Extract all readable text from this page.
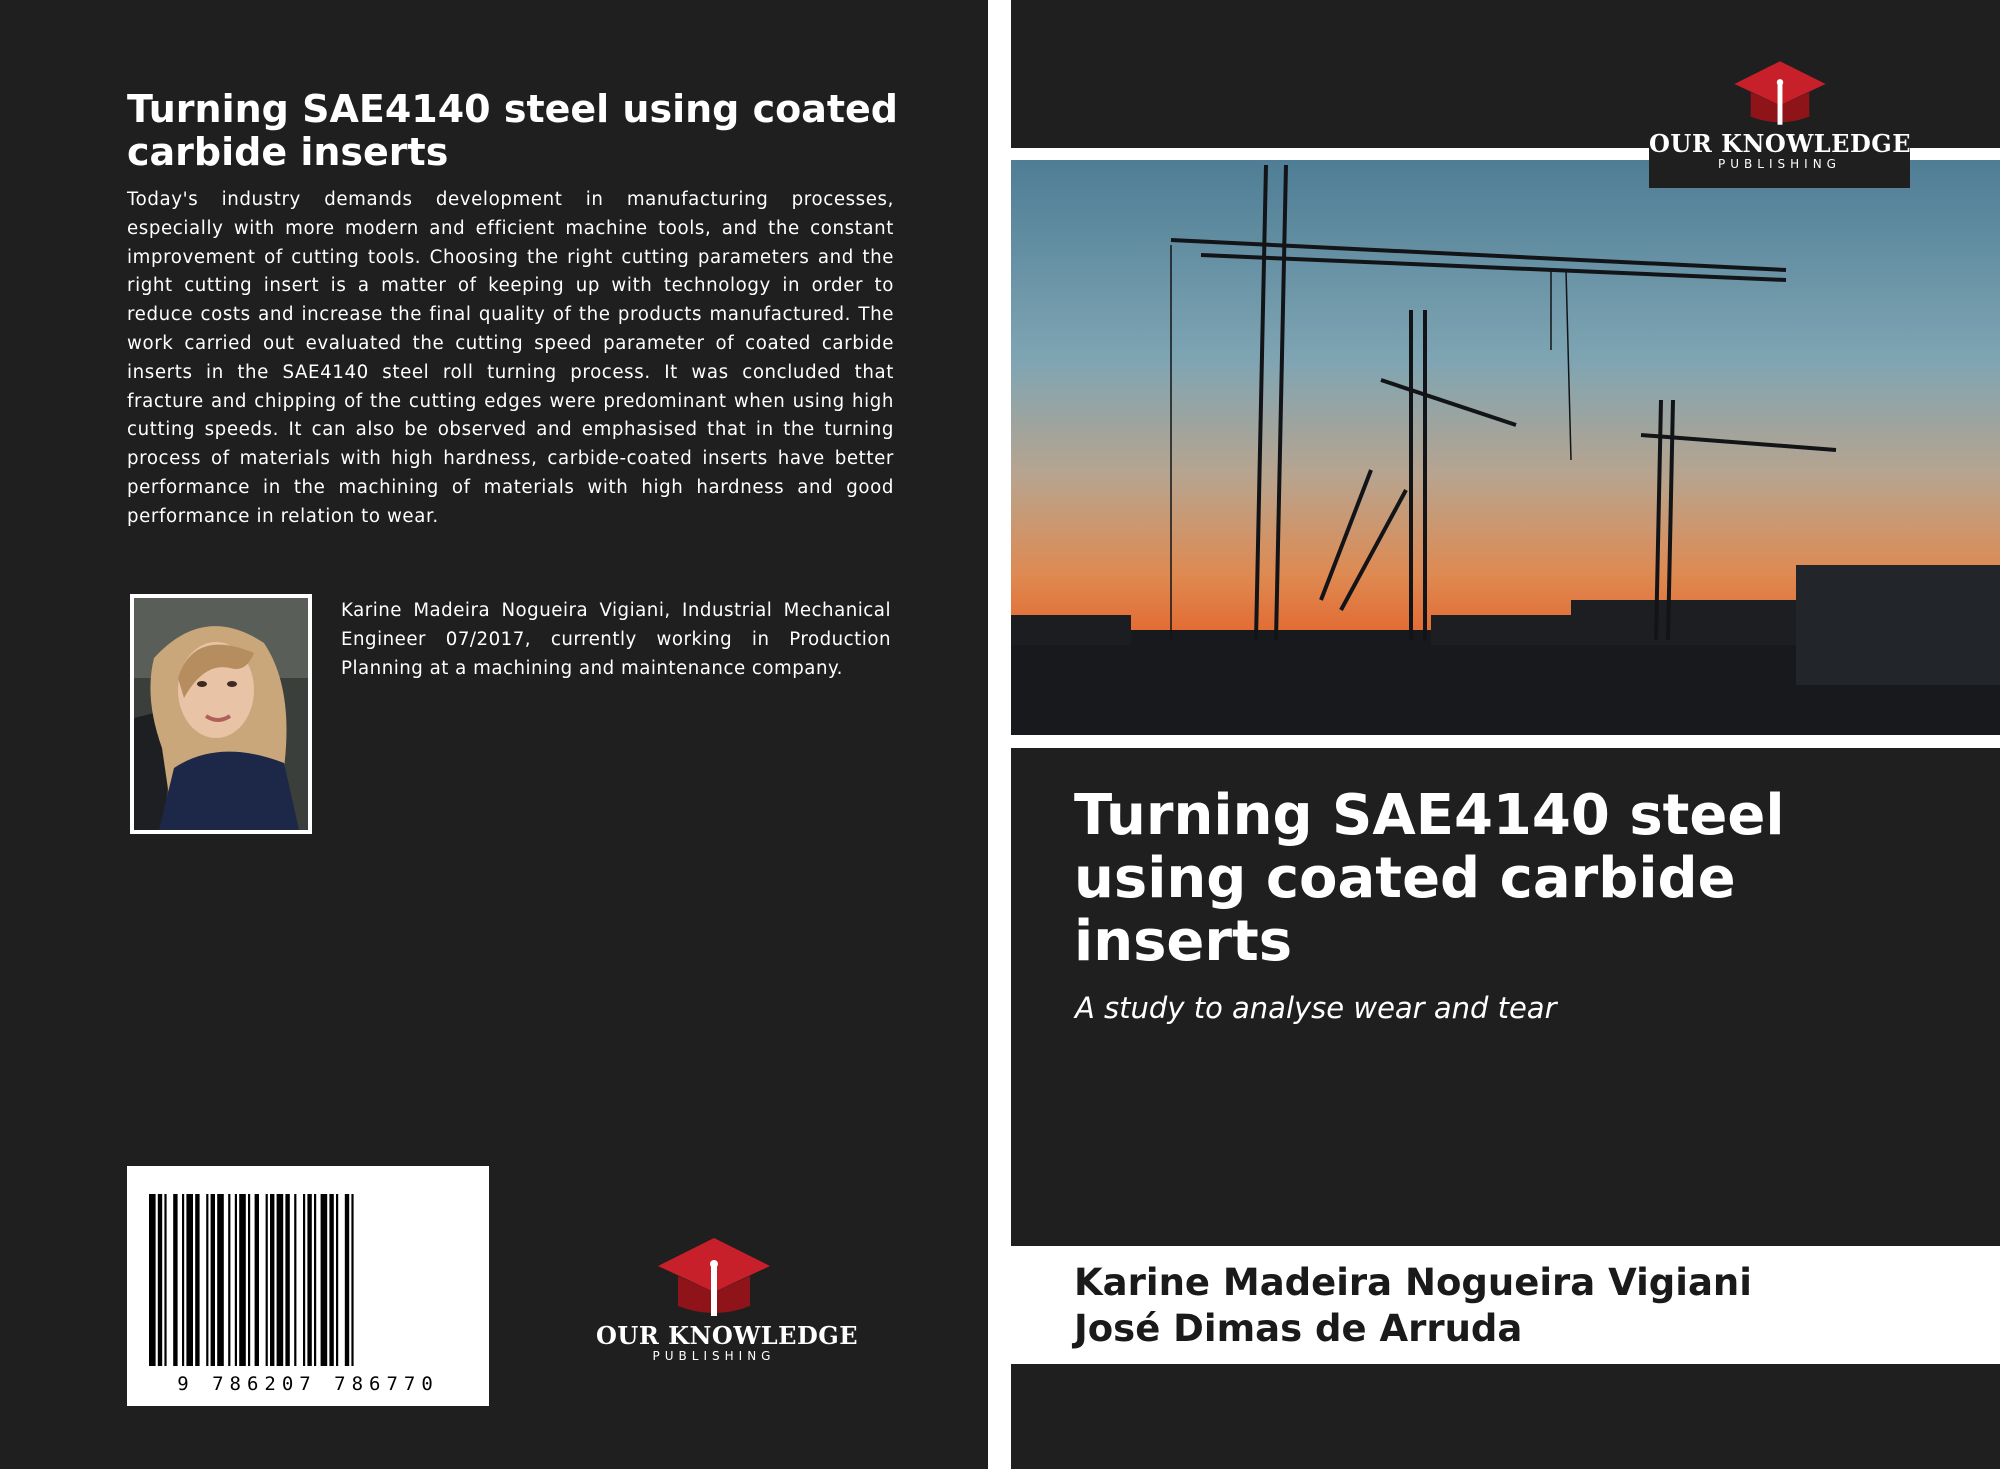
Turning SAE4140 steel using coated carbide inserts

Today's industry demands development in manufacturing processes, especially with more modern and efficient machine tools, and the constant improvement of cutting tools. Choosing the right cutting parameters and the right cutting insert is a matter of keeping up with technology in order to reduce costs and increase the final quality of the products manufactured. The work carried out evaluated the cutting speed parameter of coated carbide inserts in the SAE4140 steel roll turning process. It was concluded that fracture and chipping of the cutting edges were predominant when using high cutting speeds. It can also be observed and emphasised that in the turning process of materials with high hardness, carbide-coated inserts have better performance in the machining of materials with high hardness and good performance in relation to wear.

Karine Madeira Nogueira Vigiani, Industrial Mechanical Engineer 07/2017, currently working in Production Planning at a machining and maintenance company.

9 786207 786770
OUR KNOWLEDGE
PUBLISHING
OUR KNOWLEDGE
PUBLISHING
Turning SAE4140 steel using coated carbide inserts

A study to analyse wear and tear

Karine Madeira Nogueira Vigiani
José Dimas de Arruda
